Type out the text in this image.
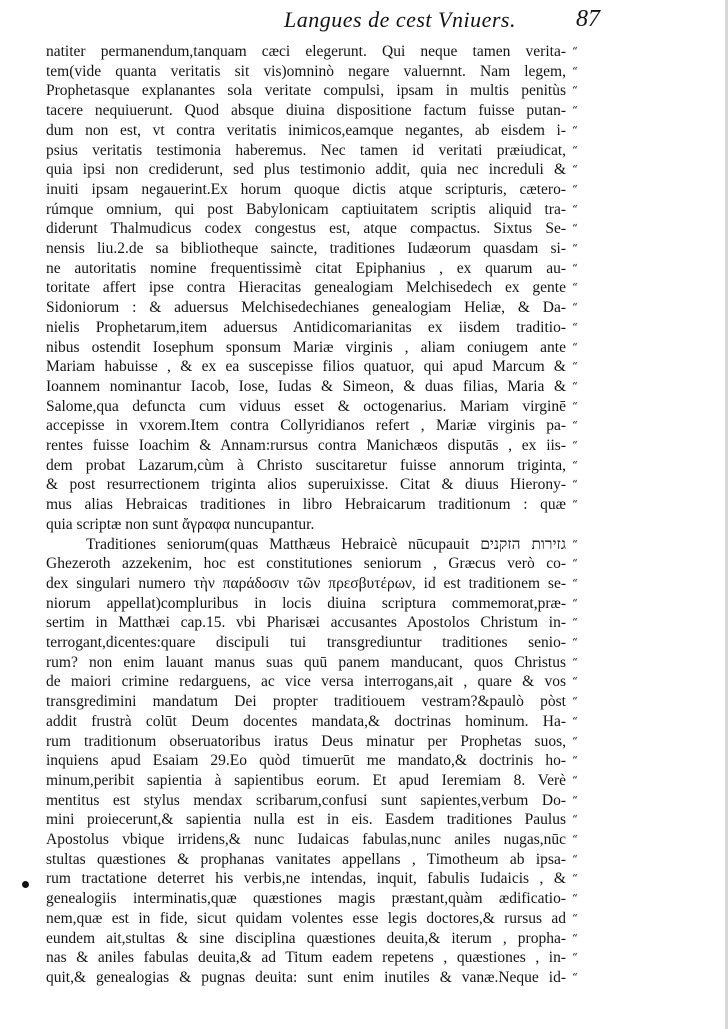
Langues de cest Vniuers.	87
natiter permanendum,tanquam cæci elegerunt. Qui neque tamen verita- “
tem(vide quanta veritatis sit vis)omninò negare valuernnt. Nam legem, “
Prophetasque explanantes sola veritate compulsi, ipsam in multis penitùs “
tacere nequiuerunt. Quod absque diuina dispositione factum fuisse putan- “
dum non est, vt contra veritatis inimicos,eamque negantes, ab eisdem i- “
psius veritatis testimonia haberemus. Nec tamen id veritati præiudicat, “
quia ipsi non crediderunt, sed plus testimonio addit, quia nec increduli & “
inuiti ipsam negauerint.Ex horum quoque dictis atque scripturis, cætero- “
rúmque omnium, qui post Babylonicam captiuitatem scriptis aliquid tra- “
diderunt Thalmudicus codex congestus est, atque compactus. Sixtus Se- “
nensis liu.2.de sa bibliotheque saincte, traditiones Iudæorum quasdam si- “
ne autoritatis nomine frequentissimè citat Epiphanius , ex quarum au- “
toritate affert ipse contra Hieracitas genealogiam Melchisedech ex gente “
Sidoniorum : & aduersus Melchisedechianes genealogiam Heliæ, & Da- “
nielis Prophetarum,item aduersus Antidicomarianitas ex iisdem traditio- “
nibus ostendit Iosephum sponsum Mariæ virginis , aliam coniugem ante “
Mariam habuisse , & ex ea suscepisse filios quatuor, qui apud Marcum & “
Ioannem nominantur Iacob, Iose, Iudas & Simeon, & duas filias, Maria & “
Salome,qua defuncta cum viduus esset & octogenarius. Mariam virginē “
accepisse in vxorem.Item contra Collyridianos refert , Mariæ virginis pa- “
rentes fuisse Ioachim & Annam:rursus contra Manichæos disputās , ex iis- “
dem probat Lazarum,cùm à Christo suscitaretur fuisse annorum triginta, “
& post resurrectionem triginta alios superuixisse. Citat & diuus Hierony- “
mus alias Hebraicas traditiones in libro Hebraicarum traditionum : quæ “
quia scriptæ non sunt ἄγραφα nuncupantur.
Traditiones seniorum(quas Matthæus Hebraicè nūcupauit גזירות הזקנים “
Ghezeroth azzekenim, hoc est constitutiones seniorum , Græcus verò co- “
dex singulari numero τὴν παράδοσιν τῶν πρεσβυτέρων, id est traditionem se- “
niorum appellat)compluribus in locis diuina scriptura commemorat,præ- “
sertim in Matthæi cap.15. vbi Pharisæi accusantes Apostolos Christum in- “
terrogant,dicentes:quare discipuli tui transgrediuntur traditiones senio- “
rum? non enim lauant manus suas quū panem manducant, quos Christus “
de maiori crimine redarguens, ac vice versa interrogans,ait , quare & vos “
transgredimini mandatum Dei propter traditiouem vestram?&paulò pòst “
addit frustrà colūt Deum docentes mandata,& doctrinas hominum. Ha- “
rum traditionum obseruatoribus iratus Deus minatur per Prophetas suos, “
inquiens apud Esaiam 29.Eo quòd timuerūt me mandato,& doctrinis ho- “
minum,peribit sapientia à sapientibus eorum. Et apud Ieremiam 8. Verè “
mentitus est stylus mendax scribarum,confusi sunt sapientes,verbum Do- “
mini proiecerunt,& sapientia nulla est in eis. Easdem traditiones Paulus “
Apostolus vbique irridens,& nunc Iudaicas fabulas,nunc aniles nugas,nūc “
stultas quæstiones & prophanas vanitates appellans , Timotheum ab ipsa- “
rum tractatione deterret his verbis,ne intendas, inquit, fabulis Iudaicis , & “
genealogiis interminatis,quæ quæstiones magis præstant,quàm ædificatio- “
nem,quæ est in fide, sicut quidam volentes esse legis doctores,& rursus ad “
eundem ait,stultas & sine disciplina quæstiones deuita,& iterum , propha- “
nas & aniles fabulas deuita,& ad Titum eadem repetens , quæstiones , in- “
quit,& genealogias & pugnas deuita: sunt enim inutiles & vanæ.Neque id- “
